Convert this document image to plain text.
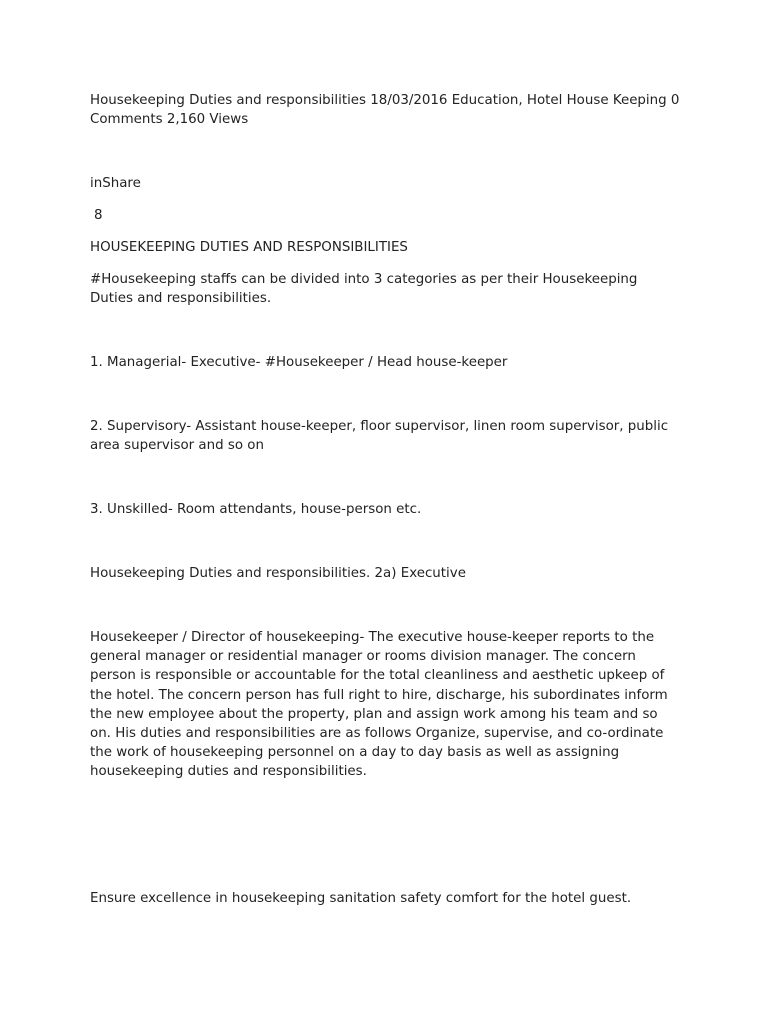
Housekeeping Duties and responsibilities 18/03/2016 Education, Hotel House Keeping 0 Comments 2,160 Views

inShare

8

HOUSEKEEPING DUTIES AND RESPONSIBILITIES

#Housekeeping staffs can be divided into 3 categories as per their Housekeeping Duties and responsibilities.

1. Managerial- Executive- #Housekeeper / Head house-keeper

2. Supervisory- Assistant house-keeper, floor supervisor, linen room supervisor, public area supervisor and so on

3. Unskilled- Room attendants, house-person etc.

Housekeeping Duties and responsibilities. 2a) Executive

Housekeeper / Director of housekeeping- The executive house-keeper reports to the general manager or residential manager or rooms division manager. The concern person is responsible or accountable for the total cleanliness and aesthetic upkeep of the hotel. The concern person has full right to hire, discharge, his subordinates inform the new employee about the property, plan and assign work among his team and so on. His duties and responsibilities are as follows Organize, supervise, and co-ordinate the work of housekeeping personnel on a day to day basis as well as assigning housekeeping duties and responsibilities.

Ensure excellence in housekeeping sanitation safety comfort for the hotel guest.
